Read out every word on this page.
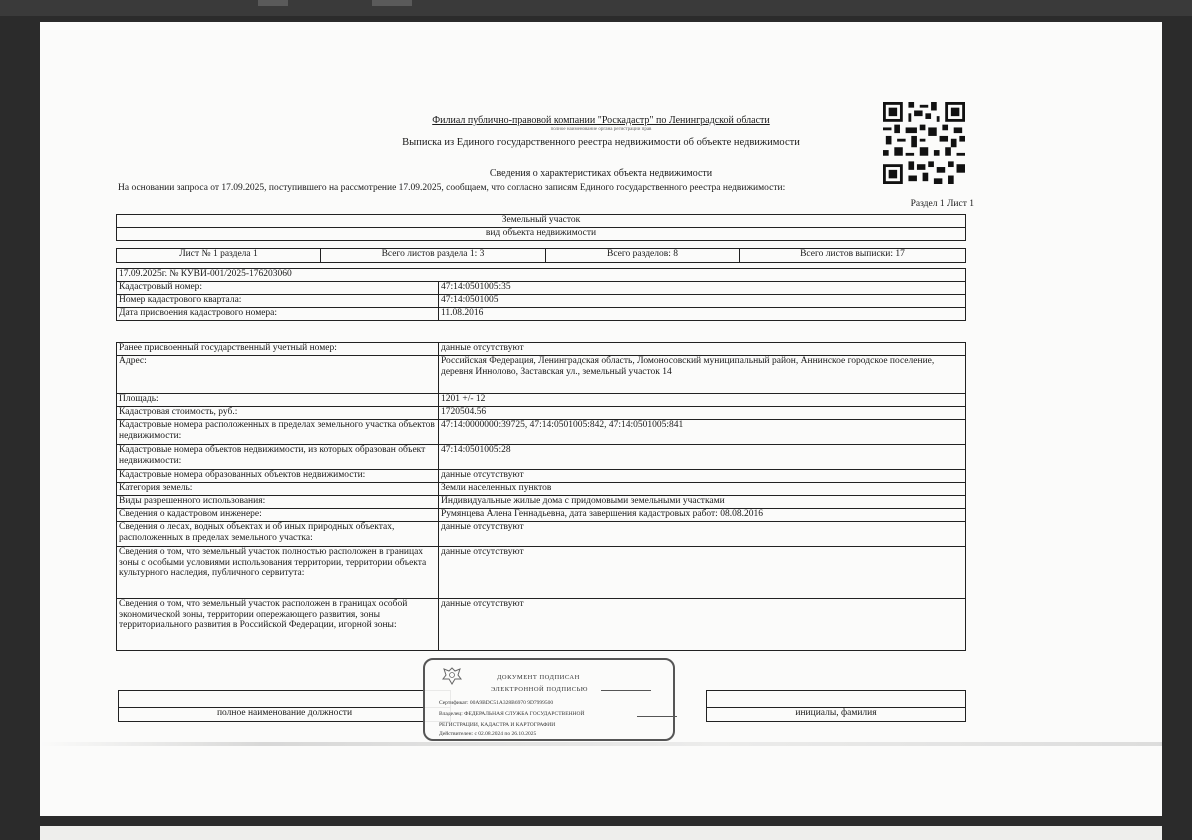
Филиал публично-правовой компании "Роскадастр" по Ленинградской области
полное наименование органа регистрации прав
Выписка из Единого государственного реестра недвижимости об объекте недвижимости
Сведения о характеристиках объекта недвижимости
На основании запроса от 17.09.2025, поступившего на рассмотрение 17.09.2025, сообщаем, что согласно записям Единого государственного реестра недвижимости:
Раздел 1 Лист 1
Земельный участок
вид объекта недвижимости
Лист № 1 раздела 1	Всего листов раздела 1: 3	Всего разделов: 8	Всего листов выписки: 17
17.09.2025г. № КУВИ-001/2025-176203060	
Кадастровый номер:	47:14:0501005:35
Номер кадастрового квартала:	47:14:0501005
Дата присвоения кадастрового номера:	11.08.2016
Ранее присвоенный государственный учетный номер:	данные отсутствуют
Адрес:	Российская Федерация, Ленинградская область, Ломоносовский муниципальный район, Аннинское городское поселение, деревня Иннолово, Заставская ул., земельный участок 14
Площадь:	1201 +/- 12
Кадастровая стоимость, руб.:	1720504.56
Кадастровые номера расположенных в пределах земельного участка объектов недвижимости:	47:14:0000000:39725, 47:14:0501005:842, 47:14:0501005:841
Кадастровые номера объектов недвижимости, из которых образован объект недвижимости:	47:14:0501005:28
Кадастровые номера образованных объектов недвижимости:	данные отсутствуют
Категория земель:	Земли населенных пунктов
Виды разрешенного использования:	Индивидуальные жилые дома с придомовыми земельными участками
Сведения о кадастровом инженере:	Румянцева Алена Геннадьевна, дата завершения кадастровых работ: 08.08.2016
Сведения о лесах, водных объектах и об иных природных объектах, расположенных в пределах земельного участка:	данные отсутствуют
Сведения о том, что земельный участок полностью расположен в границах зоны с особыми условиями использования территории, территории объекта культурного наследия, публичного сервитута:	данные отсутствуют
Сведения о том, что земельный участок расположен в границах особой экономической зоны, территории опережающего развития, зоны территориального развития в Российской Федерации, игорной зоны:	данные отсутствуют

полное наименование должности		инициалы, фамилия
ДОКУМЕНТ ПОДПИСАН
ЭЛЕКТРОННОЙ ПОДПИСЬЮ
Сертификат: 00A9BDC51A328B6970 9D7999500
Владелец: ФЕДЕРАЛЬНАЯ СЛУЖБА ГОСУДАРСТВЕННОЙ
РЕГИСТРАЦИИ, КАДАСТРА И КАРТОГРАФИИ
Действителен: с 02.08.2024 по 26.10.2025
